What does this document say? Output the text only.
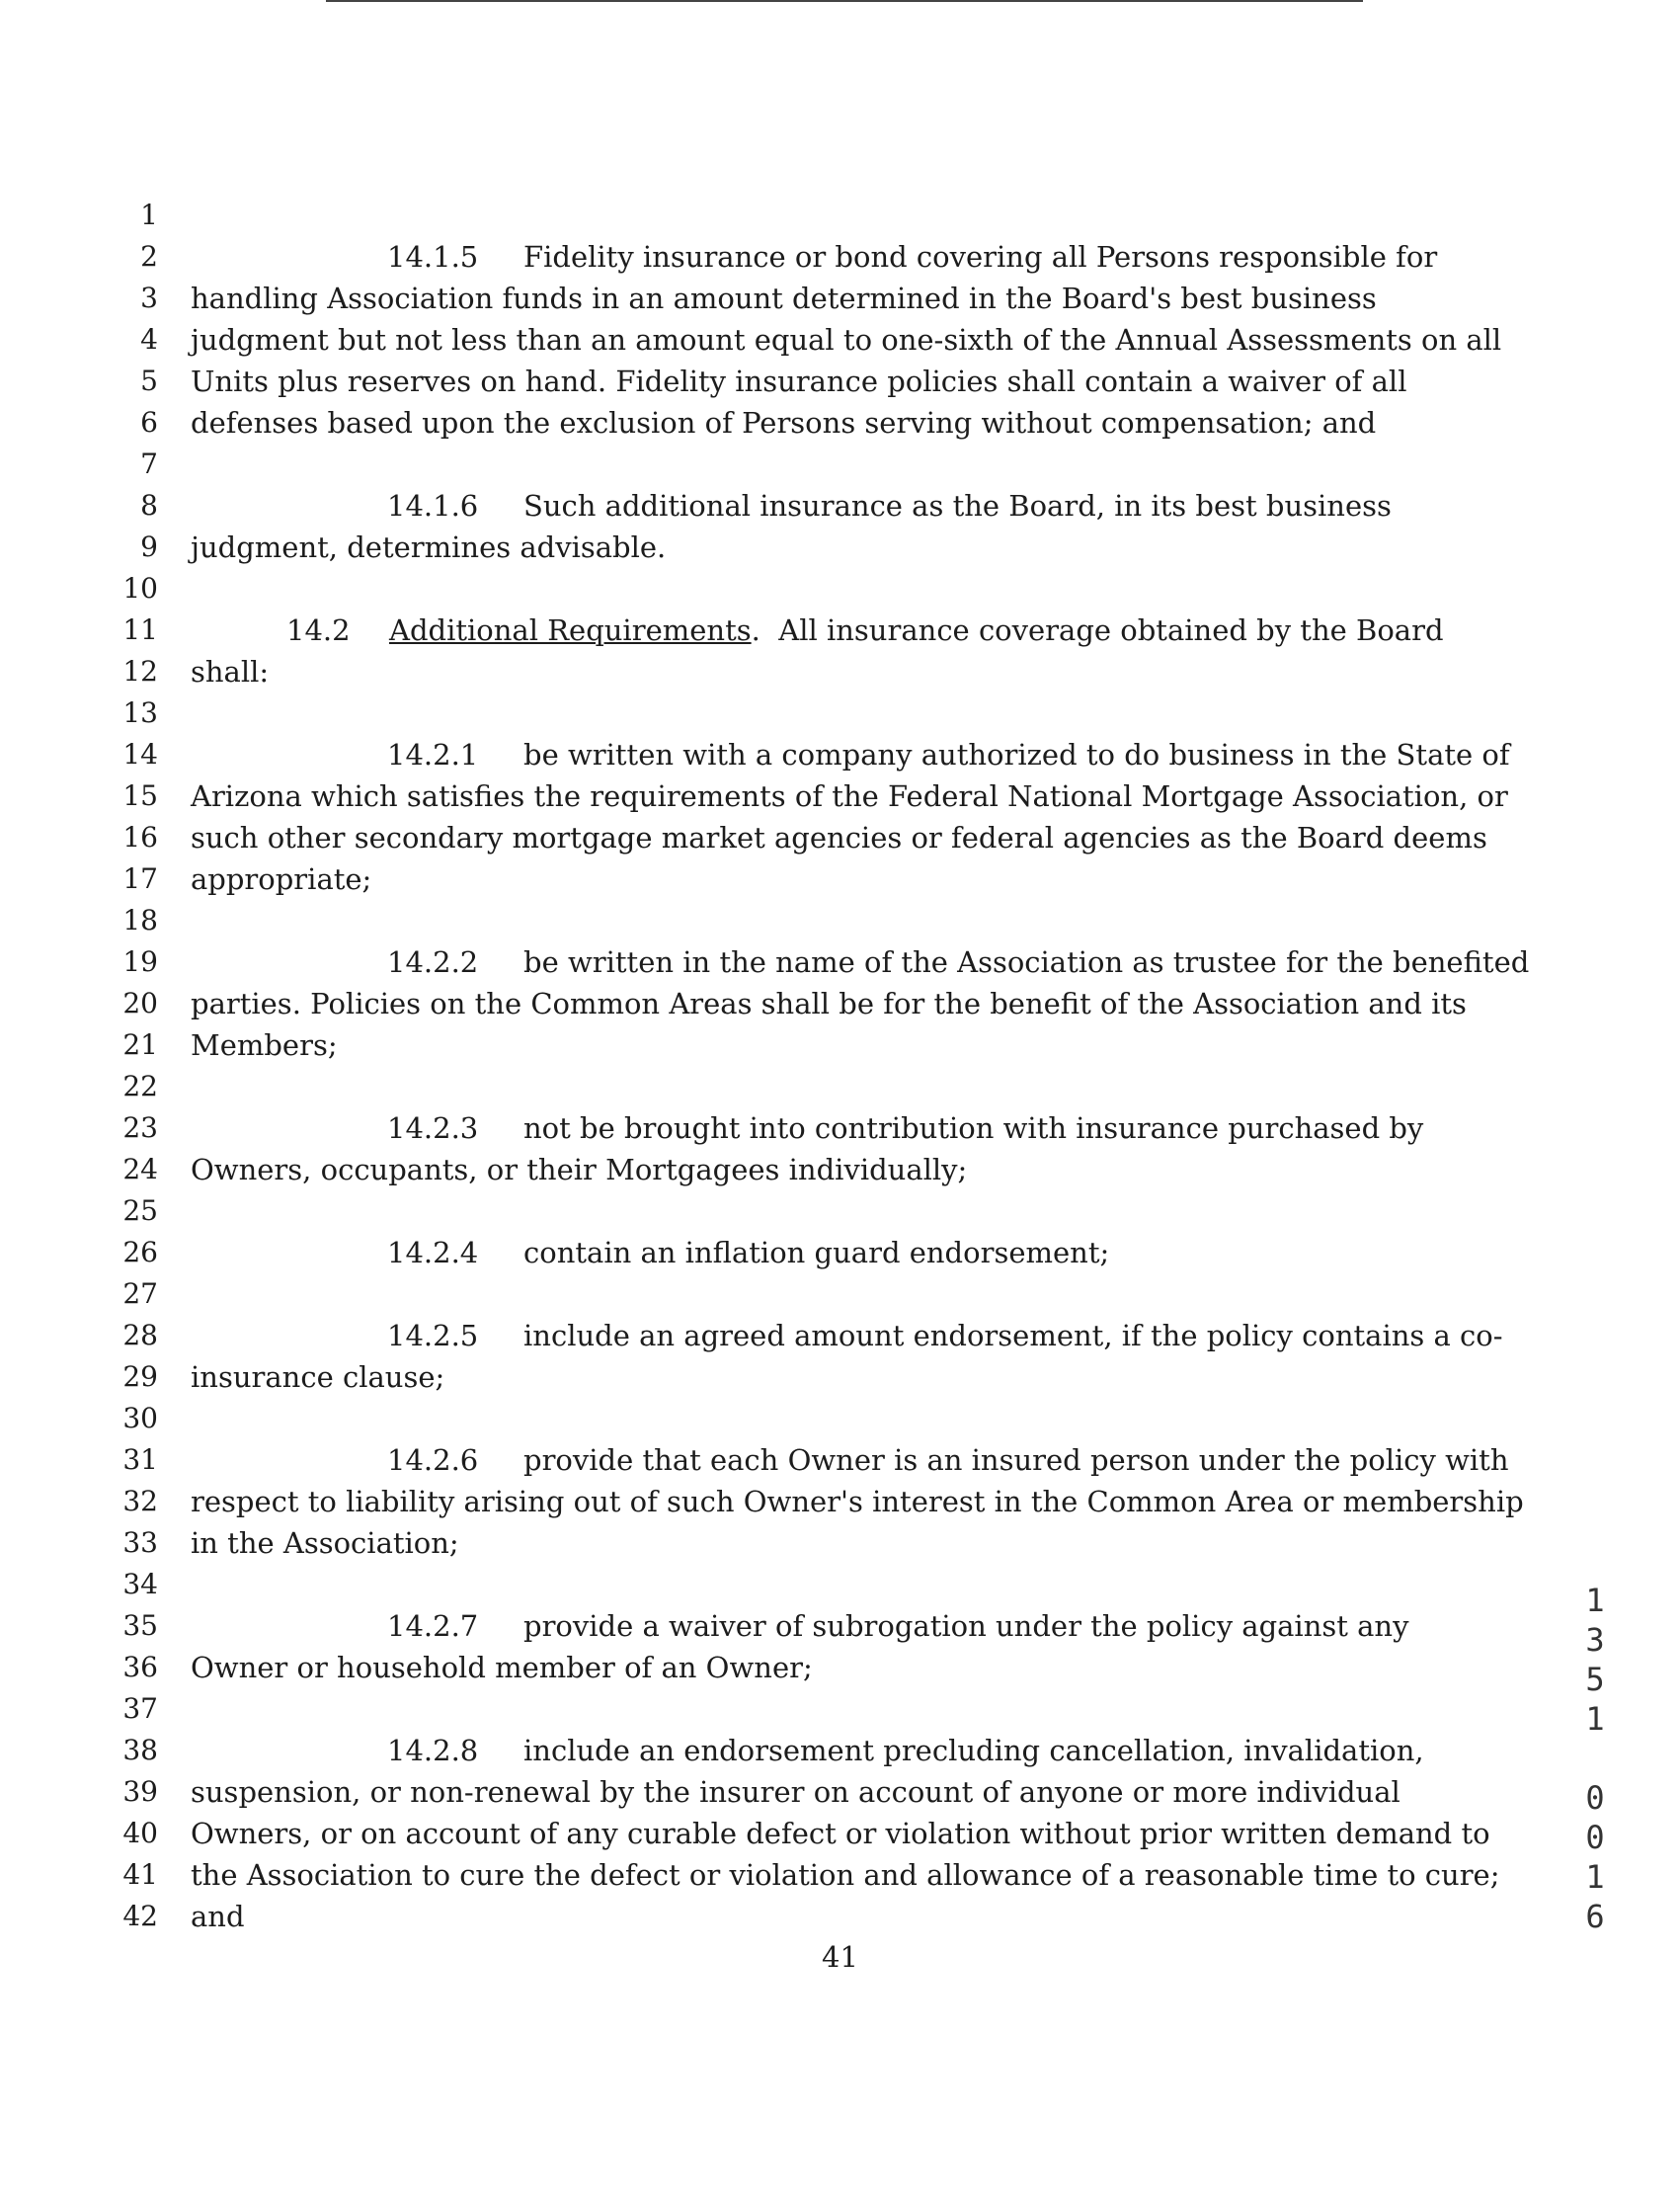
1
2
3
4
5
6
7
8
9
10
11
12
13
14
15
16
17
18
19
20
21
22
23
24
25
26
27
28
29
30
31
32
33
34
35
36
37
38
39
40
41
42
14.1.5 Fidelity insurance or bond covering all Persons responsible for
handling Association funds in an amount determined in the Board's best business
judgment but not less than an amount equal to one-sixth of the Annual Assessments on all
Units plus reserves on hand. Fidelity insurance policies shall contain a waiver of all
defenses based upon the exclusion of Persons serving without compensation; and
14.1.6 Such additional insurance as the Board, in its best business
judgment, determines advisable.
14.2 Additional Requirements. All insurance coverage obtained by the Board
shall:
14.2.1 be written with a company authorized to do business in the State of
Arizona which satisfies the requirements of the Federal National Mortgage Association, or
such other secondary mortgage market agencies or federal agencies as the Board deems
appropriate;
14.2.2 be written in the name of the Association as trustee for the benefited
parties. Policies on the Common Areas shall be for the benefit of the Association and its
Members;
14.2.3 not be brought into contribution with insurance purchased by
Owners, occupants, or their Mortgagees individually;
14.2.4 contain an inflation guard endorsement;
14.2.5 include an agreed amount endorsement, if the policy contains a co-
insurance clause;
14.2.6 provide that each Owner is an insured person under the policy with
respect to liability arising out of such Owner's interest in the Common Area or membership
in the Association;
14.2.7 provide a waiver of subrogation under the policy against any
Owner or household member of an Owner;
14.2.8 include an endorsement precluding cancellation, invalidation,
suspension, or non-renewal by the insurer on account of anyone or more individual
Owners, or on account of any curable defect or violation without prior written demand to
the Association to cure the defect or violation and allowance of a reasonable time to cure;
and
41
1
3
5
1
0
0
1
6
